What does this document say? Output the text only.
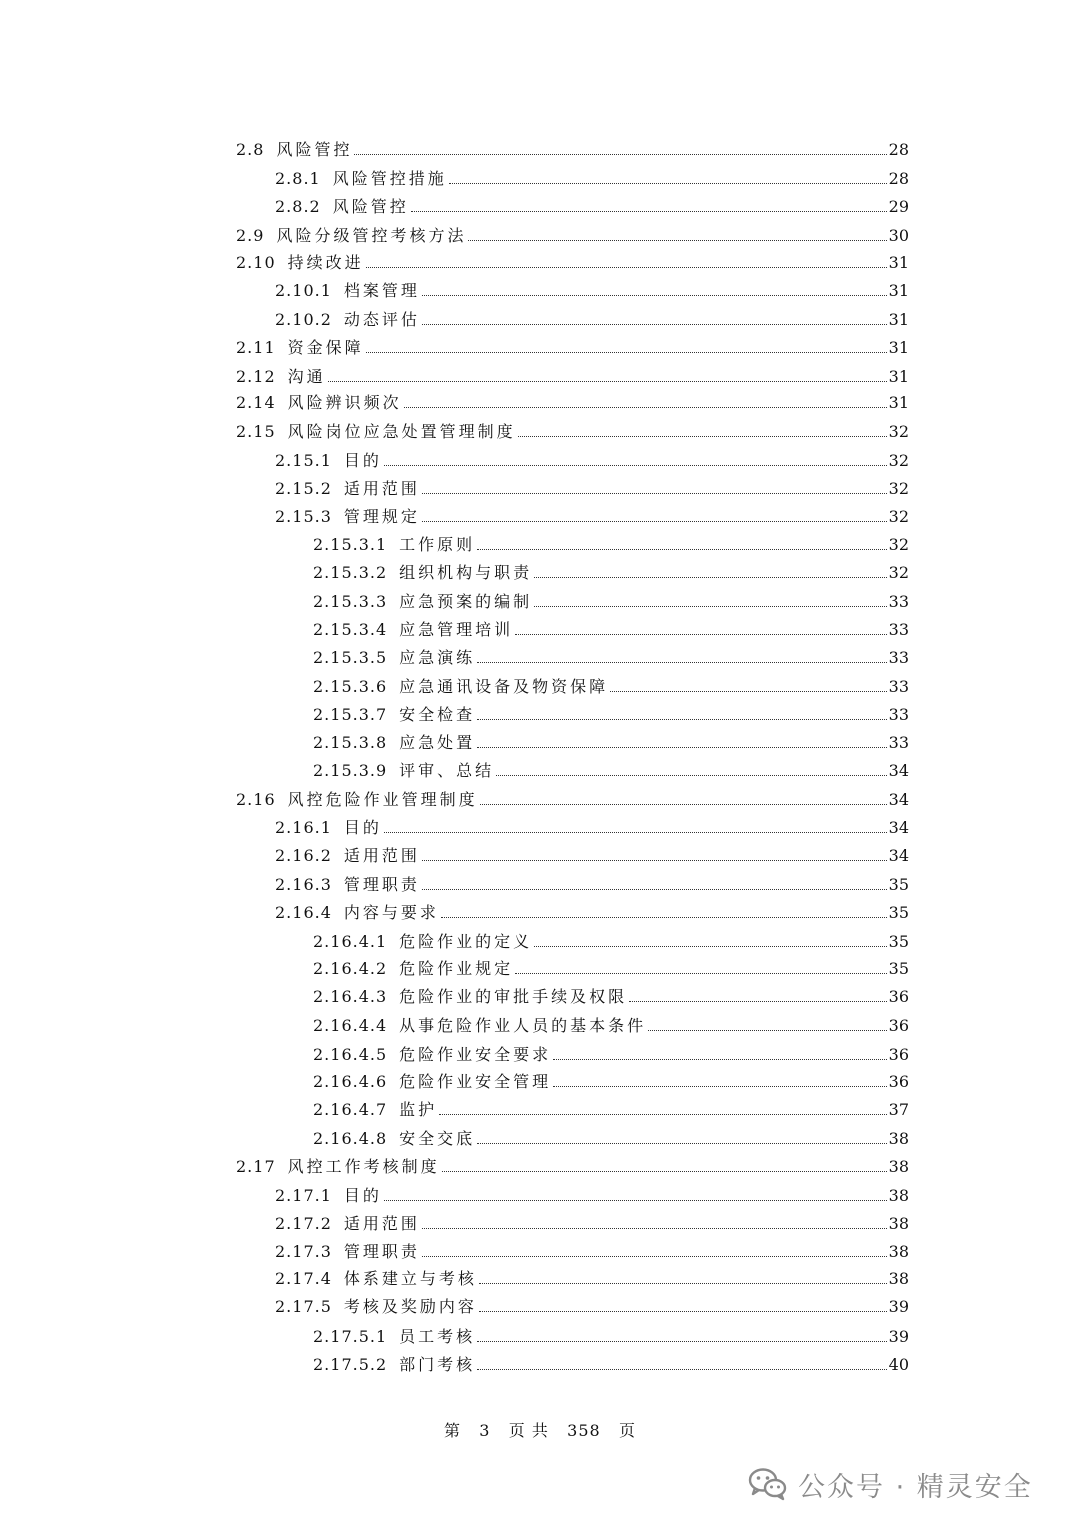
2.8 风险管控	28
2.8.1 风险管控措施	28
2.8.2 风险管控	29
2.9 风险分级管控考核方法	30
2.10 持续改进	31
2.10.1 档案管理	31
2.10.2 动态评估	31
2.11 资金保障	31
2.12 沟通	31
2.14 风险辨识频次	31
2.15 风险岗位应急处置管理制度	32
2.15.1 目的	32
2.15.2 适用范围	32
2.15.3 管理规定	32
2.15.3.1 工作原则	32
2.15.3.2 组织机构与职责	32
2.15.3.3 应急预案的编制	33
2.15.3.4 应急管理培训	33
2.15.3.5 应急演练	33
2.15.3.6 应急通讯设备及物资保障	33
2.15.3.7 安全检查	33
2.15.3.8 应急处置	33
2.15.3.9 评审、总结	34
2.16 风控危险作业管理制度	34
2.16.1 目的	34
2.16.2 适用范围	34
2.16.3 管理职责	35
2.16.4 内容与要求	35
2.16.4.1 危险作业的定义	35
2.16.4.2 危险作业规定	35
2.16.4.3 危险作业的审批手续及权限	36
2.16.4.4 从事危险作业人员的基本条件	36
2.16.4.5 危险作业安全要求	36
2.16.4.6 危险作业安全管理	36
2.16.4.7 监护	37
2.16.4.8 安全交底	38
2.17 风控工作考核制度	38
2.17.1 目的	38
2.17.2 适用范围	38
2.17.3 管理职责	38
2.17.4 体系建立与考核	38
2.17.5 考核及奖励内容	39
2.17.5.1 员工考核	39
2.17.5.2 部门考核	40
第 3 页 共 358 页
公众号 · 精灵安全
